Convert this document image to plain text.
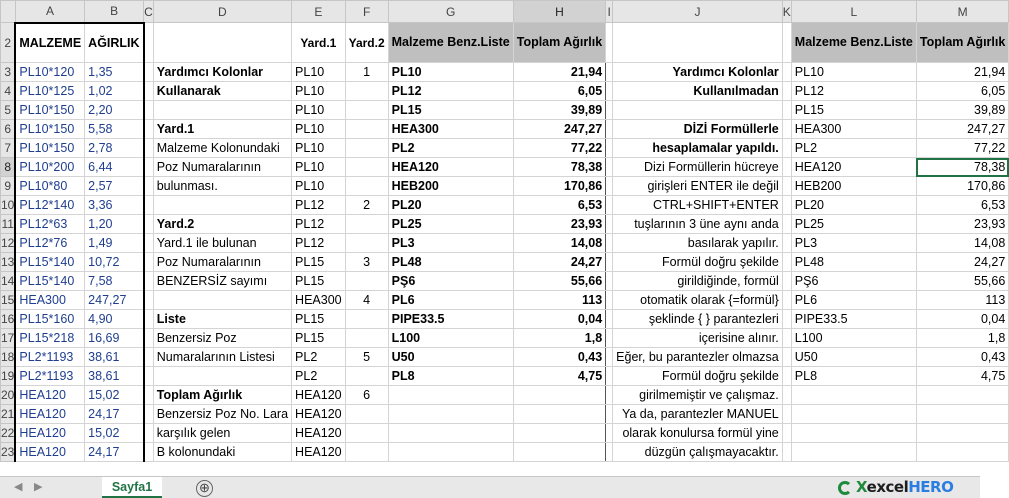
	A	B	C	D	E	F	G	H	I	J	K	L	M
2	MALZEME	AĞIRLIK			Yard.1	Yard.2	Malzeme Benz.Liste	Toplam Ağırlık				Malzeme Benz.Liste	Toplam Ağırlık
3	PL10*120	1,35		Yardımcı Kolonlar	PL10	1	PL10	21,94		Yardımcı Kolonlar		PL10	21,94
4	PL10*125	1,02		Kullanarak	PL10		PL12	6,05		Kullanılmadan		PL12	6,05
5	PL10*150	2,20			PL10		PL15	39,89				PL15	39,89
6	PL10*150	5,58		Yard.1	PL10		HEA300	247,27		DİZİ Formüllerle		HEA300	247,27
7	PL10*150	2,78		Malzeme Kolonundaki	PL10		PL2	77,22		hesaplamalar yapıldı.		PL2	77,22
8	PL10*200	6,44		Poz Numaralarının	PL10		HEA120	78,38		Dizi Formüllerin hücreye		HEA120	78,38
9	PL10*80	2,57		bulunması.	PL10		HEB200	170,86		girişleri ENTER ile değil		HEB200	170,86
10	PL12*140	3,36			PL12	2	PL20	6,53		CTRL+SHIFT+ENTER		PL20	6,53
11	PL12*63	1,20		Yard.2	PL12		PL25	23,93		tuşlarının 3 üne aynı anda		PL25	23,93
12	PL12*76	1,49		Yard.1 ile bulunan	PL12		PL3	14,08		basılarak yapılır.		PL3	14,08
13	PL15*140	10,72		Poz Numaralarının	PL15	3	PL48	24,27		Formül doğru şekilde		PL48	24,27
14	PL15*140	7,58		BENZERSİZ sayımı	PL15		PŞ6	55,66		girildiğinde, formül		PŞ6	55,66
15	HEA300	247,27			HEA300	4	PL6	113		otomatik olarak {=formül}		PL6	113
16	PL15*160	4,90		Liste	PL15		PIPE33.5	0,04		şeklinde { } parantezleri		PIPE33.5	0,04
17	PL15*218	16,69		Benzersiz Poz	PL15		L100	1,8		içerisine alınır.		L100	1,8
18	PL2*1193	38,61		Numaralarının Listesi	PL2	5	U50	0,43		Eğer, bu parantezler olmazsa		U50	0,43
19	PL2*1193	38,61			PL2		PL8	4,75		Formül doğru şekilde		PL8	4,75
20	HEA120	15,02		Toplam Ağırlık	HEA120	6				girilmemiştir ve çalışmaz.			
21	HEA120	24,17		Benzersiz Poz No. Lara	HEA120					Ya da, parantezler MANUEL			
22	HEA120	15,02		karşılık gelen	HEA120					olarak konulursa formül yine			
23	HEA120	24,17		B kolonundaki	HEA120					düzgün çalışmayacaktır.			
◀ ▶	Sayfa1	⊕	XexcelHERO
